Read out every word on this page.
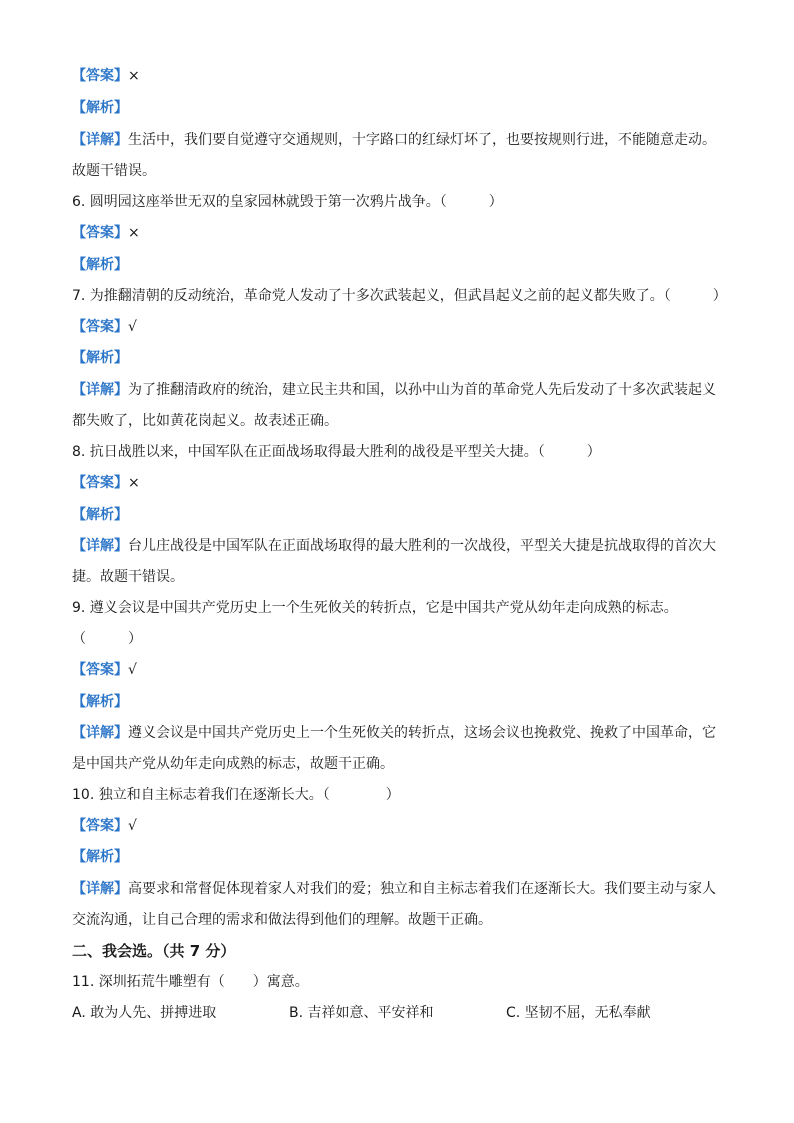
【答案】×
【解析】
【详解】生活中，我们要自觉遵守交通规则，十字路口的红绿灯坏了，也要按规则行进，不能随意走动。
故题干错误。
6. 圆明园这座举世无双的皇家园林就毁于第一次鸦片战争。（　　　）
【答案】×
【解析】
7. 为推翻清朝的反动统治，革命党人发动了十多次武装起义，但武昌起义之前的起义都失败了。（　　　）
【答案】√
【解析】
【详解】为了推翻清政府的统治，建立民主共和国，以孙中山为首的革命党人先后发动了十多次武装起义
都失败了，比如黄花岗起义。故表述正确。
8. 抗日战胜以来，中国军队在正面战场取得最大胜利的战役是平型关大捷。（　　　）
【答案】×
【解析】
【详解】台儿庄战役是中国军队在正面战场取得的最大胜利的一次战役，平型关大捷是抗战取得的首次大
捷。故题干错误。
9. 遵义会议是中国共产党历史上一个生死攸关的转折点，它是中国共产党从幼年走向成熟的标志。
（　　　）
【答案】√
【解析】
【详解】遵义会议是中国共产党历史上一个生死攸关的转折点，这场会议也挽救党、挽救了中国革命，它
是中国共产党从幼年走向成熟的标志，故题干正确。
10. 独立和自主标志着我们在逐渐长大。（　　　　）
【答案】√
【解析】
【详解】高要求和常督促体现着家人对我们的爱；独立和自主标志着我们在逐渐长大。我们要主动与家人
交流沟通，让自己合理的需求和做法得到他们的理解。故题干正确。
二、我会选。（共 7 分）
11. 深圳拓荒牛雕塑有（　　）寓意。
A. 敢为人先、拼搏进取	B. 吉祥如意、平安祥和	C. 坚韧不屈，无私奉献
